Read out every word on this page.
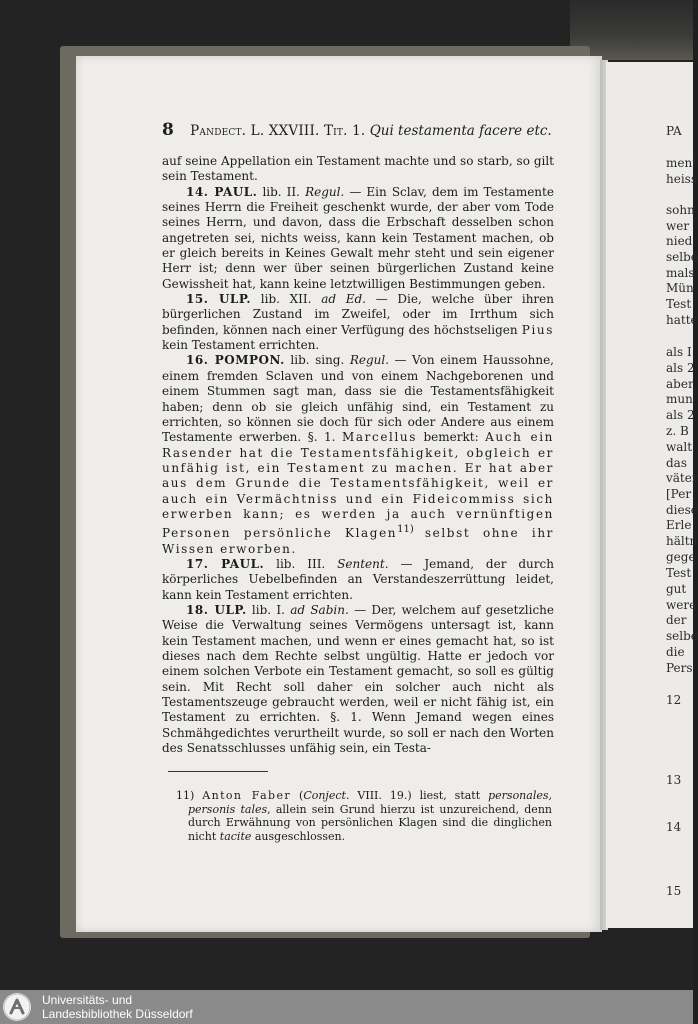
PA
ment
heiss
sohn
wer
nied
selbe
mals
Mün
Test
hatte
als I
als 2
aber
mun
als 2
z. B
walt
das
väter
[Per
diese
Erle
hältn
gege
Test
gut
were
der
selbe
die
Pers
12
13
14
15
8 Pandect. L. XXVIII. Tit. 1. Qui testamenta facere etc.

auf seine Appellation ein Testament machte und so starb, so gilt sein Testament.

14. PAUL. lib. II. Regul. — Ein Sclav, dem im Testamente seines Herrn die Freiheit geschenkt wurde, der aber vom Tode seines Herrn, und davon, dass die Erbschaft desselben schon angetreten sei, nichts weiss, kann kein Testament machen, ob er gleich bereits in Keines Gewalt mehr steht und sein eigener Herr ist; denn wer über seinen bürgerlichen Zustand keine Gewissheit hat, kann keine letztwilligen Bestimmungen geben.

15. ULP. lib. XII. ad Ed. — Die, welche über ihren bürgerlichen Zustand im Zweifel, oder im Irrthum sich befinden, können nach einer Verfügung des höchstseligen Pius kein Testament errichten.

16. POMPON. lib. sing. Regul. — Von einem Haussohne, einem fremden Sclaven und von einem Nachgeborenen und einem Stummen sagt man, dass sie die Testamentsfähigkeit haben; denn ob sie gleich unfähig sind, ein Testament zu errichten, so können sie doch für sich oder Andere aus einem Testamente erwerben. §. 1. Marcellus bemerkt: Auch ein Rasender hat die Testamentsfähigkeit, obgleich er unfähig ist, ein Testament zu machen. Er hat aber aus dem Grunde die Testamentsfähigkeit, weil er auch ein Vermächtniss und ein Fideicommiss sich erwerben kann; es werden ja auch vernünftigen Personen persönliche Klagen$^{11)}$ selbst ohne ihr Wissen erworben.

17. PAUL. lib. III. Sentent. — Jemand, der durch körperliches Uebelbefinden an Verstandeszerrüttung leidet, kann kein Testament errichten.

18. ULP. lib. I. ad Sabin. — Der, welchem auf gesetzliche Weise die Verwaltung seines Vermögens untersagt ist, kann kein Testament machen, und wenn er eines gemacht hat, so ist dieses nach dem Rechte selbst ungültig. Hatte er jedoch vor einem solchen Verbote ein Testament gemacht, so soll es gültig sein. Mit Recht soll daher ein solcher auch nicht als Testamentszeuge gebraucht werden, weil er nicht fähig ist, ein Testament zu errichten. §. 1. Wenn Jemand wegen eines Schmähgedichtes verurtheilt wurde, so soll er nach den Worten des Senatsschlusses unfähig sein, ein Testa-

11) Anton Faber (Conject. VIII. 19.) liest, statt personales, personis tales, allein sein Grund hierzu ist unzureichend, denn durch Erwähnung von persönlichen Klagen sind die dinglichen nicht tacite ausgeschlossen.
Universitäts- und
Landesbibliothek Düsseldorf
